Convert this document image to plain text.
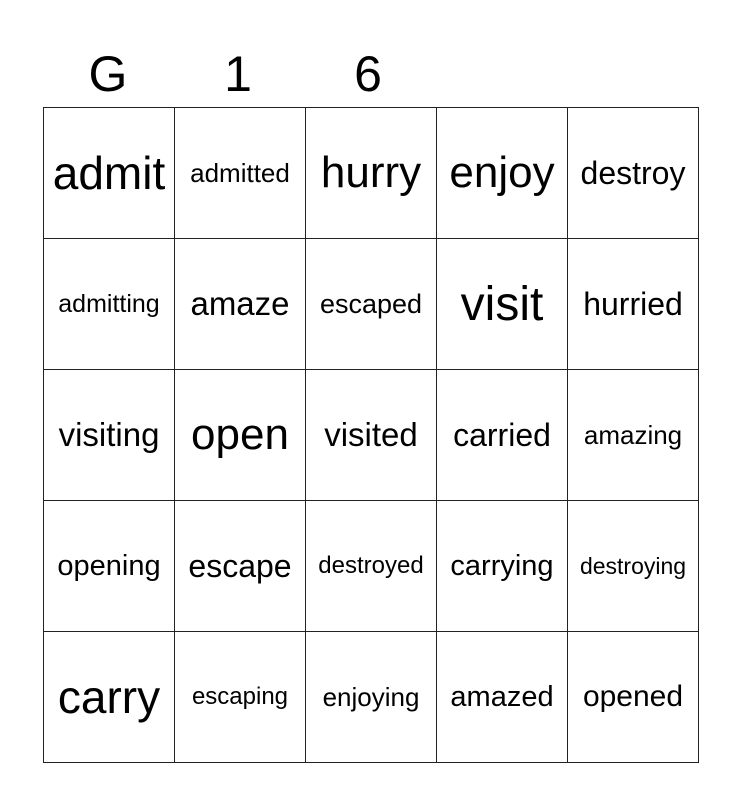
G	1	6
admit	admitted	hurry	enjoy	destroy
admitting	amaze	escaped	visit	hurried
visiting	open	visited	carried	amazing
opening	escape	destroyed	carrying	destroying
carry	escaping	enjoying	amazed	opened
